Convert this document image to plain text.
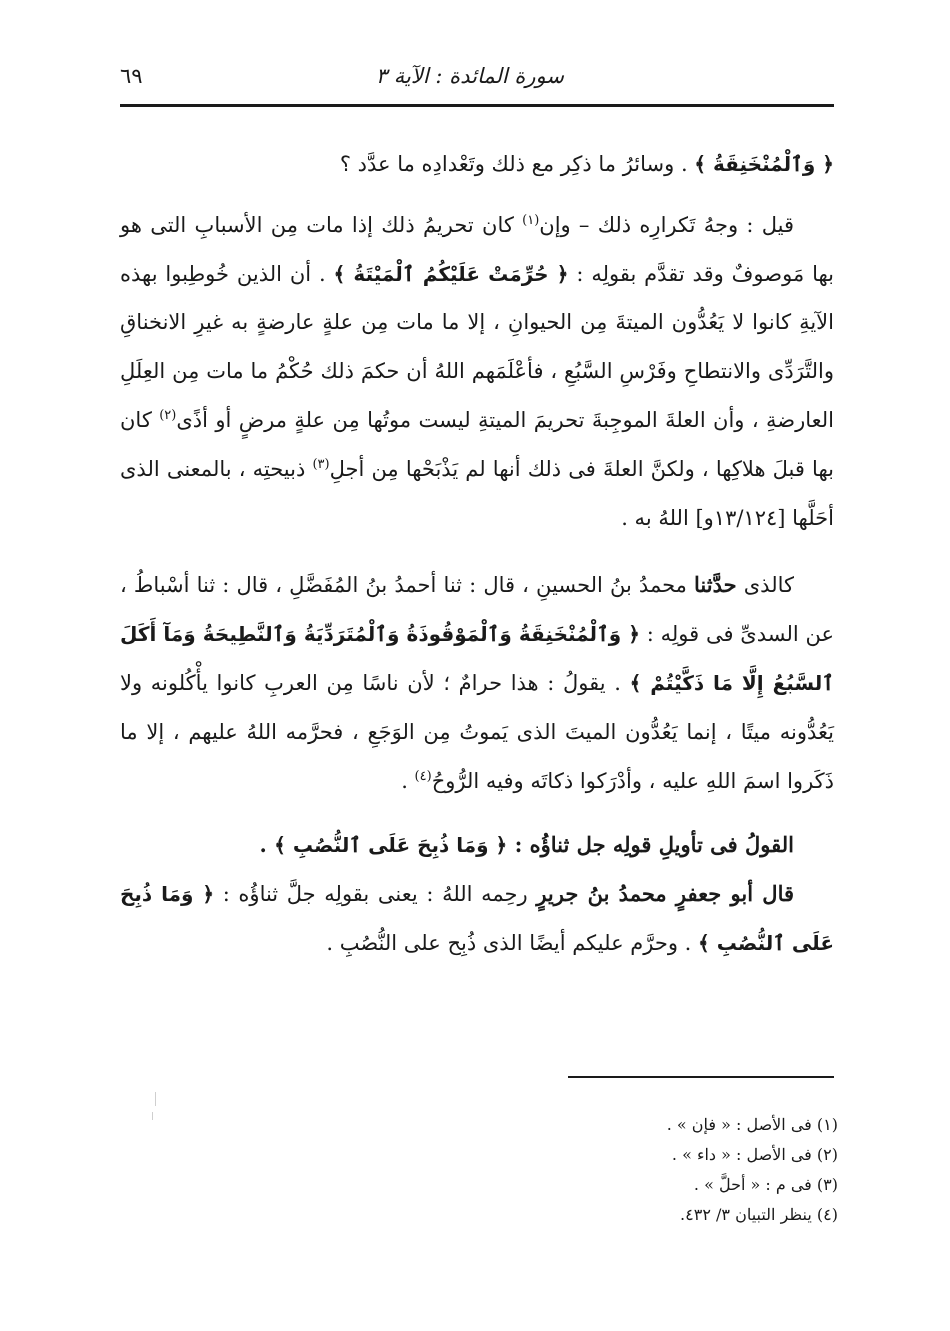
سورة المائدة : الآية ٣
٦٩

﴿ وَٱلْمُنْخَنِقَةُ ﴾ . وسائرُ ما ذكِر مع ذلك وتَعْدادِه ما عدَّد ؟

قيل : وجهُ تَكرارِه ذلك – وإن$^{(١)}$ كان تحريمُ ذلك إذا مات مِن الأسبابِ التى هو بها مَوصوفٌ وقد تقدَّم بقولِه : ﴿ حُرِّمَتْ عَلَيْكُمُ ٱلْمَيْتَةُ ﴾ . أن الذين خُوطِبوا بهذه الآيةِ كانوا لا يَعُدُّون الميتةَ مِن الحيوانِ ، إلا ما مات مِن علةٍ عارضةٍ به غيرِ الانخناقِ والتَّرَدِّى والانتطاحِ وفَرْسِ السَّبُعِ ، فأعْلَمَهم اللهُ أن حكمَ ذلك حُكْمُ ما مات مِن العِلَلِ العارضةِ ، وأن العلةَ الموجِبةَ تحريمَ الميتةِ ليست موتُها مِن علةٍ مرضٍ أو أذًى$^{(٢)}$ كان بها قبلَ هلاكِها ، ولكنَّ العلةَ فى ذلك أنها لم يَذْبَحْها مِن أجلِ$^{(٣)}$ ذبيحتِه ، بالمعنى الذى أحَلَّها [١٣/١٢٤و] اللهُ به .

كالذى حدَّثنا محمدُ بنُ الحسينِ ، قال : ثنا أحمدُ بنُ المُفَضَّلِ ، قال : ثنا أسْباطُ ، عن السدىِّ فى قولِه : ﴿ وَٱلْمُنْخَنِقَةُ وَٱلْمَوْقُوذَةُ وَٱلْمُتَرَدِّيَةُ وَٱلنَّطِيحَةُ وَمَآ أَكَلَ ٱلسَّبُعُ إِلَّا مَا ذَكَّيْتُمْ ﴾ . يقولُ : هذا حرامٌ ؛ لأن ناسًا مِن العربِ كانوا يأْكُلونه ولا يَعُدُّونه ميتًا ، إنما يَعُدُّون الميتَ الذى يَموتُ مِن الوَجَعِ ، فحرَّمه اللهُ عليهم ، إلا ما ذَكَروا اسمَ اللهِ عليه ، وأدْرَكوا ذكاتَه وفيه الرُّوحُ$^{(٤)}$ .

القولُ فى تأويلِ قولِه جل ثناؤُه : ﴿ وَمَا ذُبِحَ عَلَى ٱلنُّصُبِ ﴾ .

قال أبو جعفرٍ محمدُ بنُ جريرٍ رحِمه اللهُ : يعنى بقولِه جلَّ ثناؤُه : ﴿ وَمَا ذُبِحَ عَلَى ٱلنُّصُبِ ﴾ . وحرَّم عليكم أيضًا الذى ذُبِح على النُّصُبِ .

(١) فى الأصل : « فإن » .
(٢) فى الأصل : « داء » .
(٣) فى م : « أحلَّ » .
(٤) ينظر التبيان ٣/ ٤٣٢.
